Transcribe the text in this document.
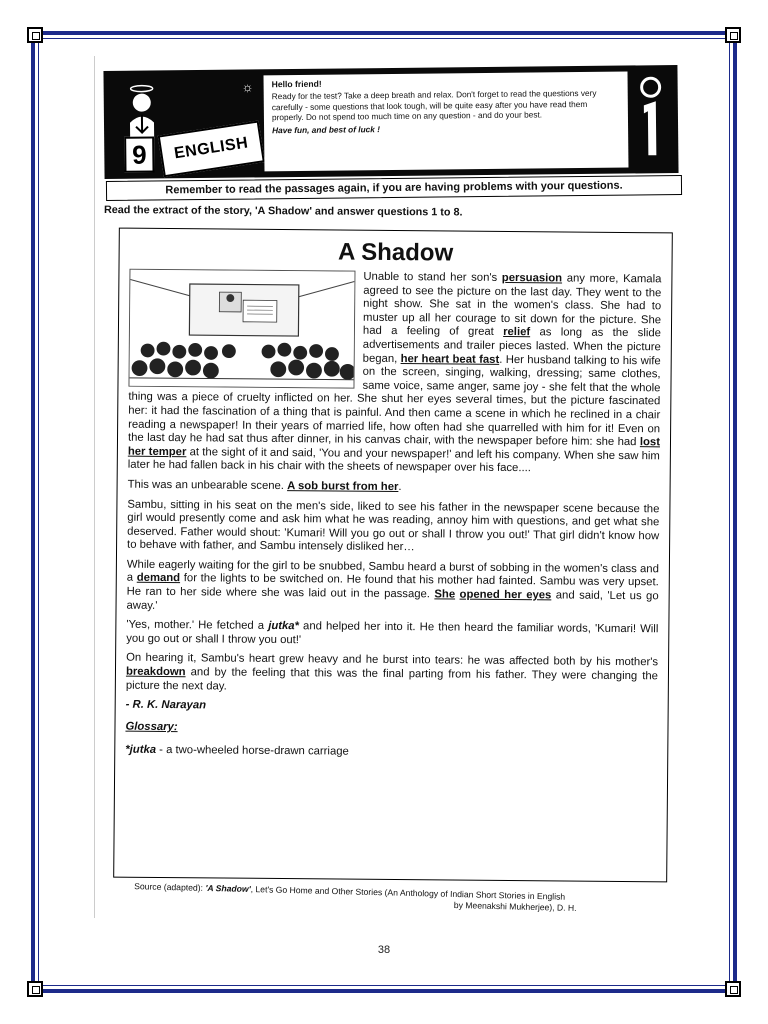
9	ENGLISH
☼ Hello friend!

Ready for the test? Take a deep breath and relax. Don't forget to read the questions very carefully - some questions that look tough, will be quite easy after you have read them properly. Do not spend too much time on any question - and do your best.

Have fun, and best of luck !
Remember to read the passages again, if you are having problems with your questions.
Read the extract of the story, 'A Shadow' and answer questions 1 to 8.
A Shadow

Unable to stand her son's persuasion any more, Kamala agreed to see the picture on the last day. They went to the night show. She sat in the women's class. She had to muster up all her courage to sit down for the picture. She had a feeling of great relief as long as the slide advertisements and trailer pieces lasted. When the picture began, her heart beat fast. Her husband talking to his wife on the screen, singing, walking, dressing; same clothes, same voice, same anger, same joy - she felt that the whole thing was a piece of cruelty inflicted on her. She shut her eyes several times, but the picture fascinated her: it had the fascination of a thing that is painful. And then came a scene in which he reclined in a chair reading a newspaper! In their years of married life, how often had she quarrelled with him for it! Even on the last day he had sat thus after dinner, in his canvas chair, with the newspaper before him: she had lost her temper at the sight of it and said, 'You and your newspaper!' and left his company. When she saw him later he had fallen back in his chair with the sheets of newspaper over his face....

This was an unbearable scene. A sob burst from her.

Sambu, sitting in his seat on the men's side, liked to see his father in the newspaper scene because the girl would presently come and ask him what he was reading, annoy him with questions, and get what she deserved. Father would shout: 'Kumari! Will you go out or shall I throw you out!' That girl didn't know how to behave with father, and Sambu intensely disliked her…

While eagerly waiting for the girl to be snubbed, Sambu heard a burst of sobbing in the women's class and a demand for the lights to be switched on. He found that his mother had fainted. Sambu was very upset. He ran to her side where she was laid out in the passage. She opened her eyes and said, 'Let us go away.'

'Yes, mother.' He fetched a jutka* and helped her into it. He then heard the familiar words, 'Kumari! Will you go out or shall I throw you out!'

On hearing it, Sambu's heart grew heavy and he burst into tears: he was affected both by his mother's breakdown and by the feeling that this was the final parting from his father. They were changing the picture the next day.

- R. K. Narayan
Glossary:

*jutka - a two-wheeled horse-drawn carriage

Source (adapted): 'A Shadow', Let's Go Home and Other Stories (An Anthology of Indian Short Stories in English
by Meenakshi Mukherjee), D. H.
38
